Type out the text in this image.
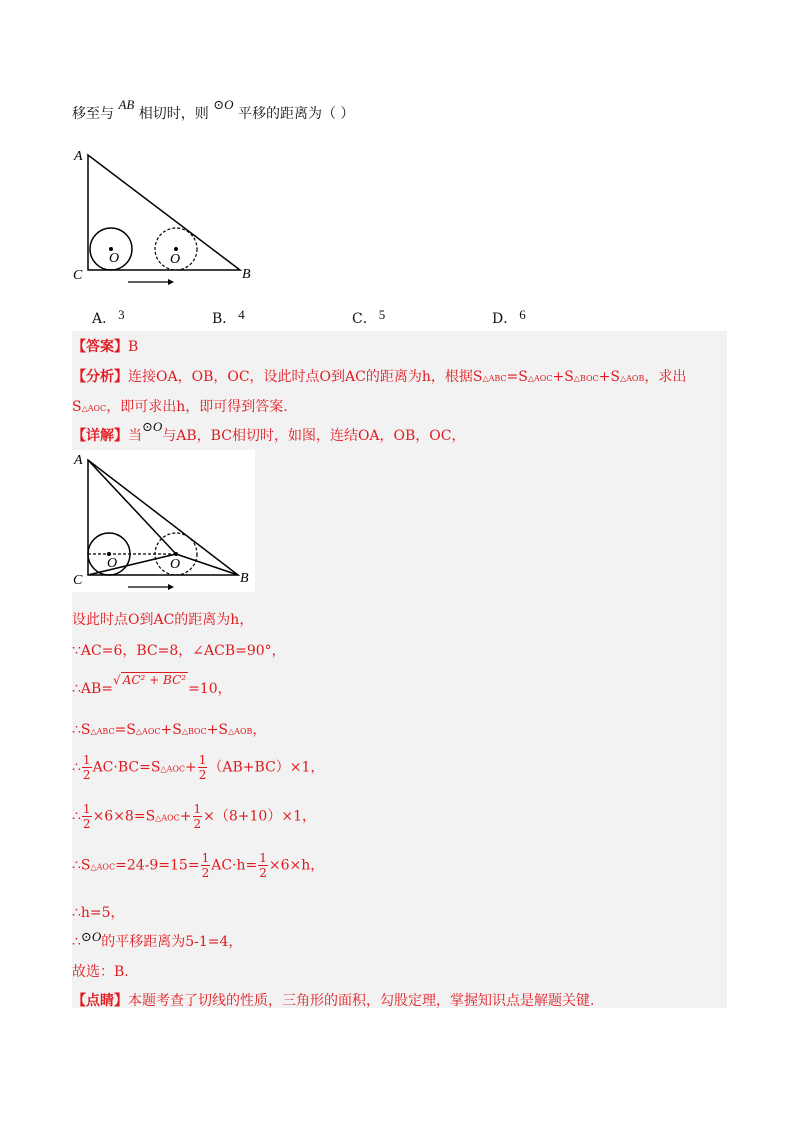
移至与 AB 相切时，则 ⊙O 平移的距离为（ ）
A
C	B
O	O
A． 3	B． 4	C． 5	D． 6
【答案】B
【分析】连接OA，OB，OC，设此时点O到AC的距离为h，根据S△ABC=S△AOC+S△BOC+S△AOB，求出
S△AOC，即可求出h，即可得到答案.
【详解】当⊙O与AB，BC相切时，如图，连结OA，OB，OC，
A
C	B
O	O
设此时点O到AC的距离为h，
∵AC=6，BC=8，∠ACB=90°，
∴AB=√ AC² + BC²=10，
∴S△ABC=S△AOC+S△BOC+S△AOB，
∴ $\frac{1}{2}$ AC·BC=S△AOC+ $\frac{1}{2} (AB+BC)\times 1$，
∴ $\frac{1}{2}$ ×6×8=S△AOC+ $\frac{1}{2} \times(8+10)\times 1$，
∴S△AOC=24-9=15= $\frac{1}{2} AC\cdot h= \frac{1}{2} \times 6\times h$，
∴h=5，
∴⊙O的平移距离为5-1=4，
故选：B.
【点睛】本题考查了切线的性质，三角形的面积，勾股定理，掌握知识点是解题关键.
